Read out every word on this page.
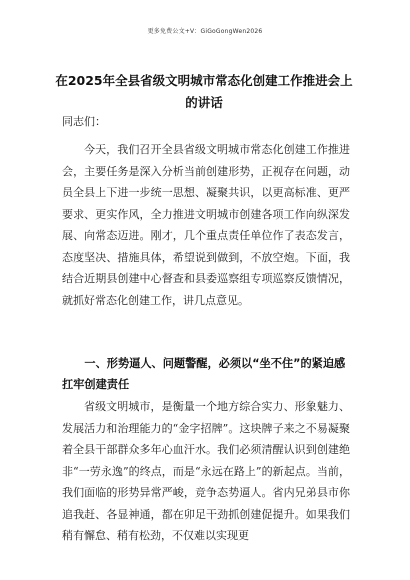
更多免费公文+V：GiGoGongWen2026
在2025年全县省级文明城市常态化创建工作推进会上的讲话
同志们：

今天，我们召开全县省级文明城市常态化创建工作推进会，主要任务是深入分析当前创建形势，正视存在问题，动员全县上下进一步统一思想、凝聚共识，以更高标准、更严要求、更实作风，全力推进文明城市创建各项工作向纵深发展、向常态迈进。刚才，几个重点责任单位作了表态发言，态度坚决、措施具体，希望说到做到，不放空炮。下面，我结合近期县创建中心督查和县委巡察组专项巡察反馈情况，就抓好常态化创建工作，讲几点意见。

一、形势逼人、问题警醒，必须以“坐不住”的紧迫感扛牢创建责任

省级文明城市，是衡量一个地方综合实力、形象魅力、发展活力和治理能力的“金字招牌”。这块牌子来之不易凝聚着全县干部群众多年心血汗水。我们必须清醒认识到创建绝非“一劳永逸”的终点，而是“永远在路上”的新起点。当前，我们面临的形势异常严峻，竞争态势逼人。省内兄弟县市你追我赶、各显神通，都在卯足干劲抓创建促提升。如果我们稍有懈怠、稍有松劲，不仅难以实现更
